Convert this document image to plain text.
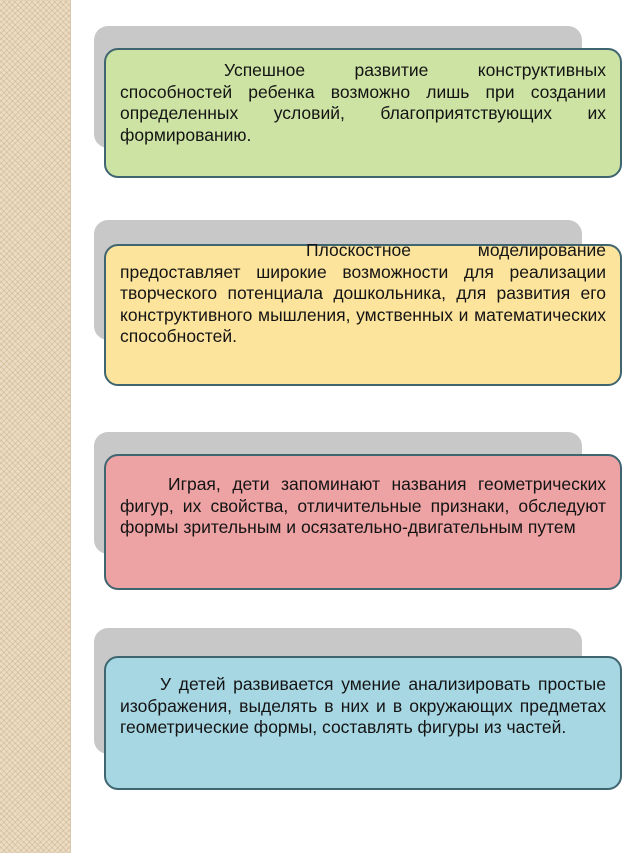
Успешное развитие конструктивных способностей ребенка возможно лишь при создании определенных условий, благоприятствующих их формированию.

Плоскостное моделирование предоставляет широкие возможности для реализации творческого потенциала дошкольника, для развития его конструктивного мышления, умственных и математических способностей.

Играя, дети запоминают названия геометрических фигур, их свойства, отличительные признаки, обследуют формы зрительным и осязательно-двигательным путем

У детей развивается умение анализировать простые изображения, выделять в них и в окружающих предметах геометрические формы, составлять фигуры из частей.
